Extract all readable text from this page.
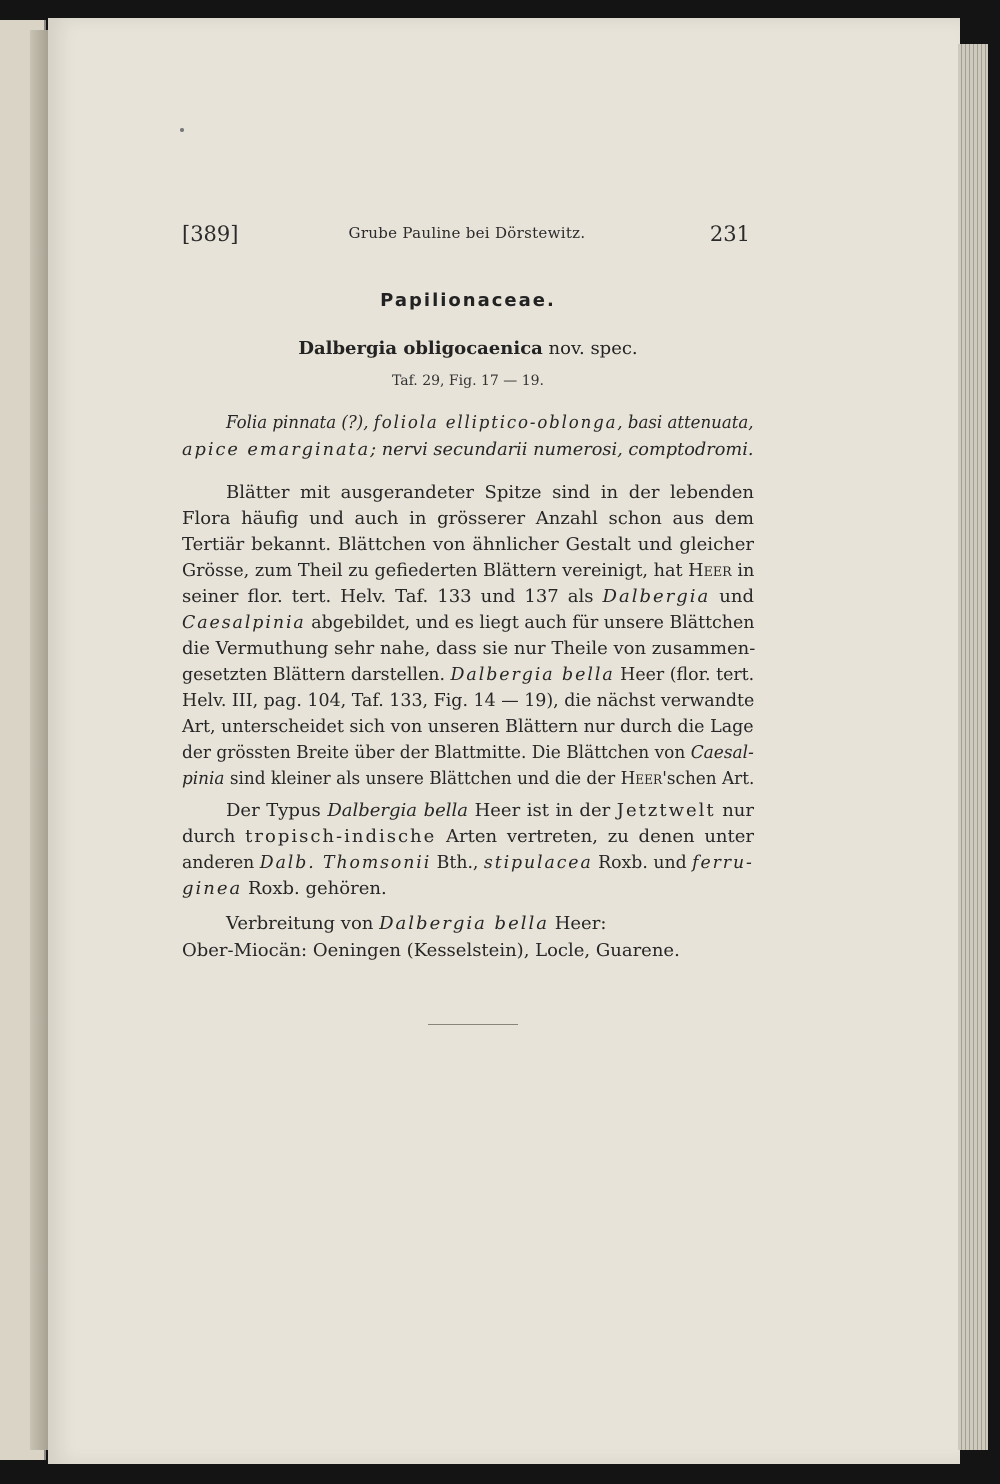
[389]	Grube Pauline bei Dörstewitz.	231
Papilionaceae.
Dalbergia obligocaenica nov. spec.
Taf. 29, Fig. 17 — 19.
Folia pinnata (?), foliola elliptico-oblonga, basi attenuata,
apice emarginata; nervi secundarii numerosi, comptodromi.
Blätter mit ausgerandeter Spitze sind in der lebenden
Flora häufig und auch in grösserer Anzahl schon aus dem
Tertiär bekannt. Blättchen von ähnlicher Gestalt und gleicher
Grösse, zum Theil zu gefiederten Blättern vereinigt, hat Heer in
seiner flor. tert. Helv. Taf. 133 und 137 als Dalbergia und
Caesalpinia abgebildet, und es liegt auch für unsere Blättchen
die Vermuthung sehr nahe, dass sie nur Theile von zusammen-
gesetzten Blättern darstellen. Dalbergia bella Heer (flor. tert.
Helv. III, pag. 104, Taf. 133, Fig. 14 — 19), die nächst verwandte
Art, unterscheidet sich von unseren Blättern nur durch die Lage
der grössten Breite über der Blattmitte. Die Blättchen von Caesal-
pinia sind kleiner als unsere Blättchen und die der Heer'schen Art.
Der Typus Dalbergia bella Heer ist in der Jetztwelt nur
durch tropisch-indische Arten vertreten, zu denen unter
anderen Dalb. Thomsonii Bth., stipulacea Roxb. und ferru-
ginea Roxb. gehören.
Verbreitung von Dalbergia bella Heer:
Ober-Miocän: Oeningen (Kesselstein), Locle, Guarene.
